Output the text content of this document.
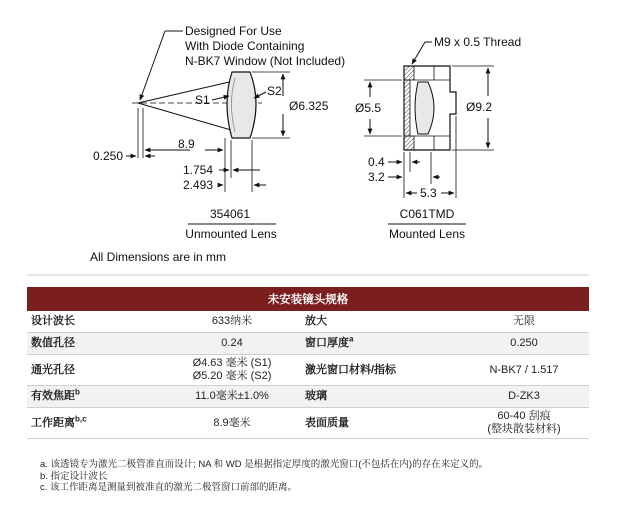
Designed For Use
With Diode Containing
N-BK7 Window (Not Included)
S1
S2
Ø6.325
8.9
0.250
1.754
2.493
354061
Unmounted Lens
M9 x 0.5 Thread
Ø5.5	Ø9.2
0.4
3.2
5.3
C061TMD
Mounted Lens
All Dimensions are in mm
未安装镜头规格			
设计波长	633纳米	放大	无限

数值孔径	0.24	窗口厚度$^a$	0.250

通光孔径	Ø4.63 毫米 (S1)
Ø5.20 毫米 (S2)	激光窗口材料/指标	N-BK7 / 1.517

有效焦距$^b$	11.0毫米±1.0%	玻璃	D-ZK3

工作距离$^{b,c}$	8.9毫米	表面质量	60-40 刮痕
(整块散装材料)
a. 该透镜专为激光二极管准直而设计; NA 和 WD 是根据指定厚度的激光窗口(不包括在内)的存在来定义的。
b. 指定设计波长
c. 该工作距离是测量到被准直的激光二极管窗口前部的距离。
